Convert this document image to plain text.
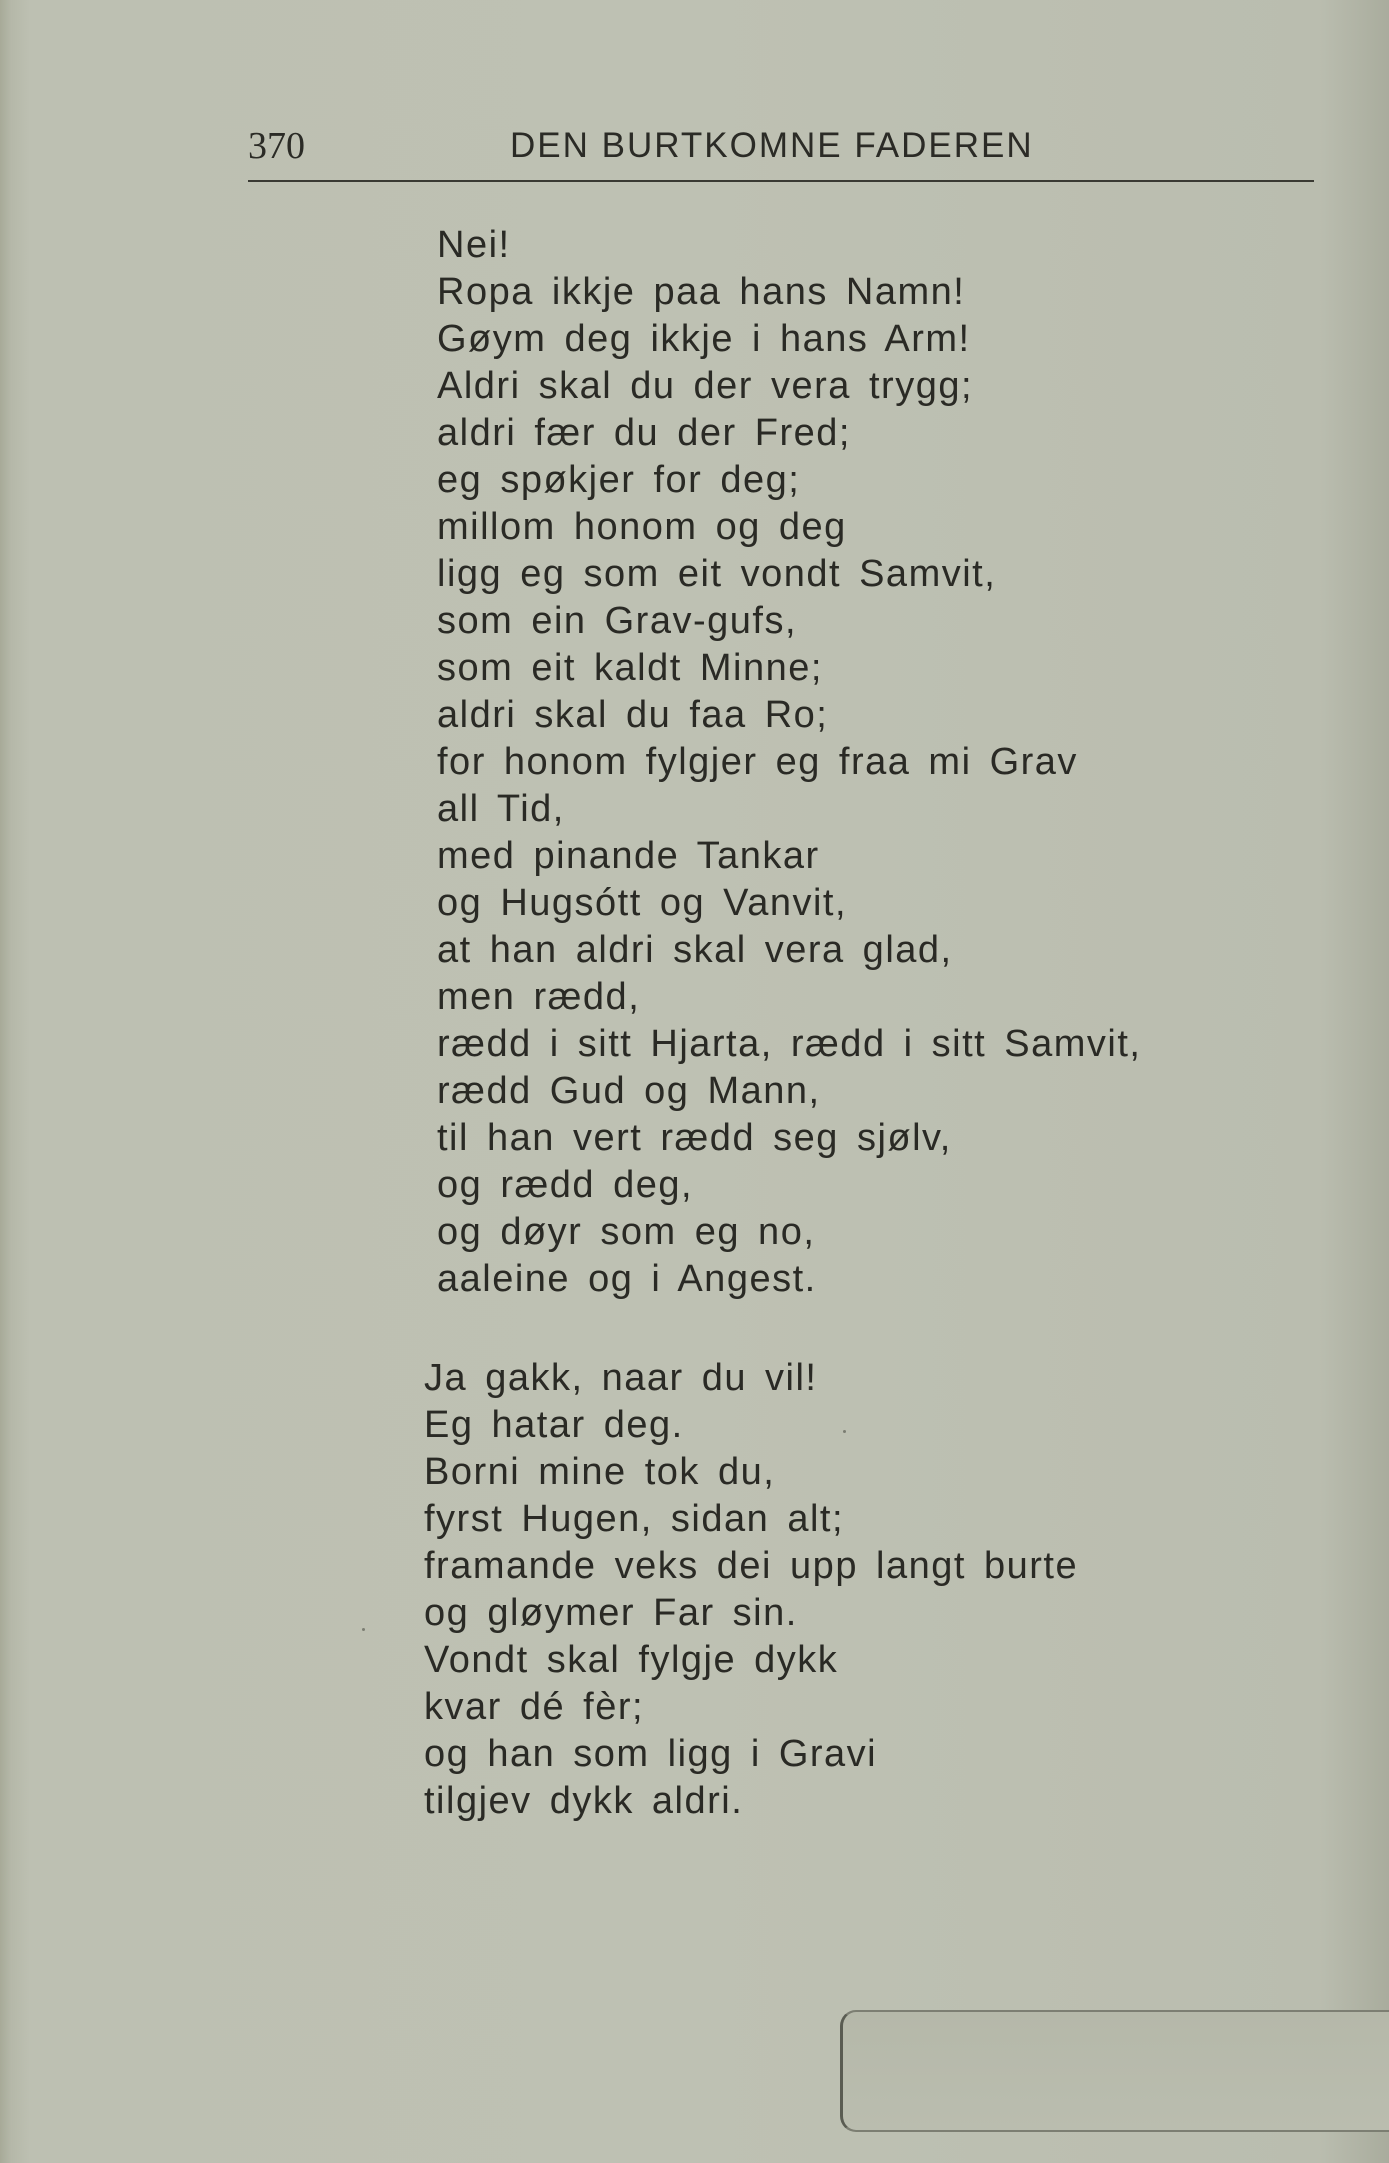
370	DEN BURTKOMNE FADEREN
Nei!
Ropa ikkje paa hans Namn!
Gøym deg ikkje i hans Arm!
Aldri skal du der vera trygg;
aldri fær du der Fred;
eg spøkjer for deg;
millom honom og deg
ligg eg som eit vondt Samvit,
som ein Grav-gufs,
som eit kaldt Minne;
aldri skal du faa Ro;
for honom fylgjer eg fraa mi Grav
all Tid,
med pinande Tankar
og Hugsótt og Vanvit,
at han aldri skal vera glad,
men rædd,
rædd i sitt Hjarta, rædd i sitt Samvit,
rædd Gud og Mann,
til han vert rædd seg sjølv,
og rædd deg,
og døyr som eg no,
aaleine og i Angest.
Ja gakk, naar du vil!
Eg hatar deg.
Borni mine tok du,
fyrst Hugen, sidan alt;
framande veks dei upp langt burte
og gløymer Far sin.
Vondt skal fylgje dykk
kvar dé fèr;
og han som ligg i Gravi
tilgjev dykk aldri.
